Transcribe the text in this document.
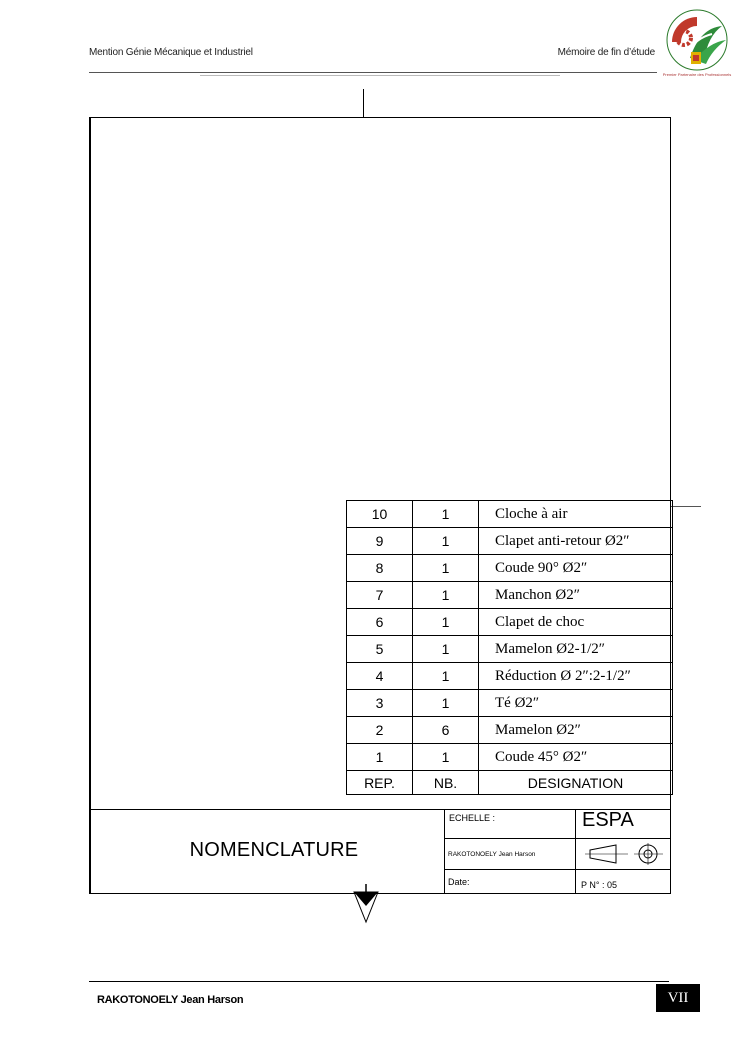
Mention Génie Mécanique et Industriel	Mémoire de fin d’étude
Premier Partenaire des Professionnels
10	1	Cloche à air
9	1	Clapet anti-retour Ø2″
8	1	Coude 90° Ø2″
7	1	Manchon Ø2″
6	1	Clapet de choc
5	1	Mamelon Ø2-1/2″
4	1	Réduction Ø 2″:2-1/2″
3	1	Té Ø2″
2	6	Mamelon Ø2″
1	1	Coude 45° Ø2″
REP.	NB.	DESIGNATION
NOMENCLATURE
ECHELLE :	ESPA
RAKOTONOELY Jean Harson
Date:	P N° : 05
RAKOTONOELY Jean Harson	VII
